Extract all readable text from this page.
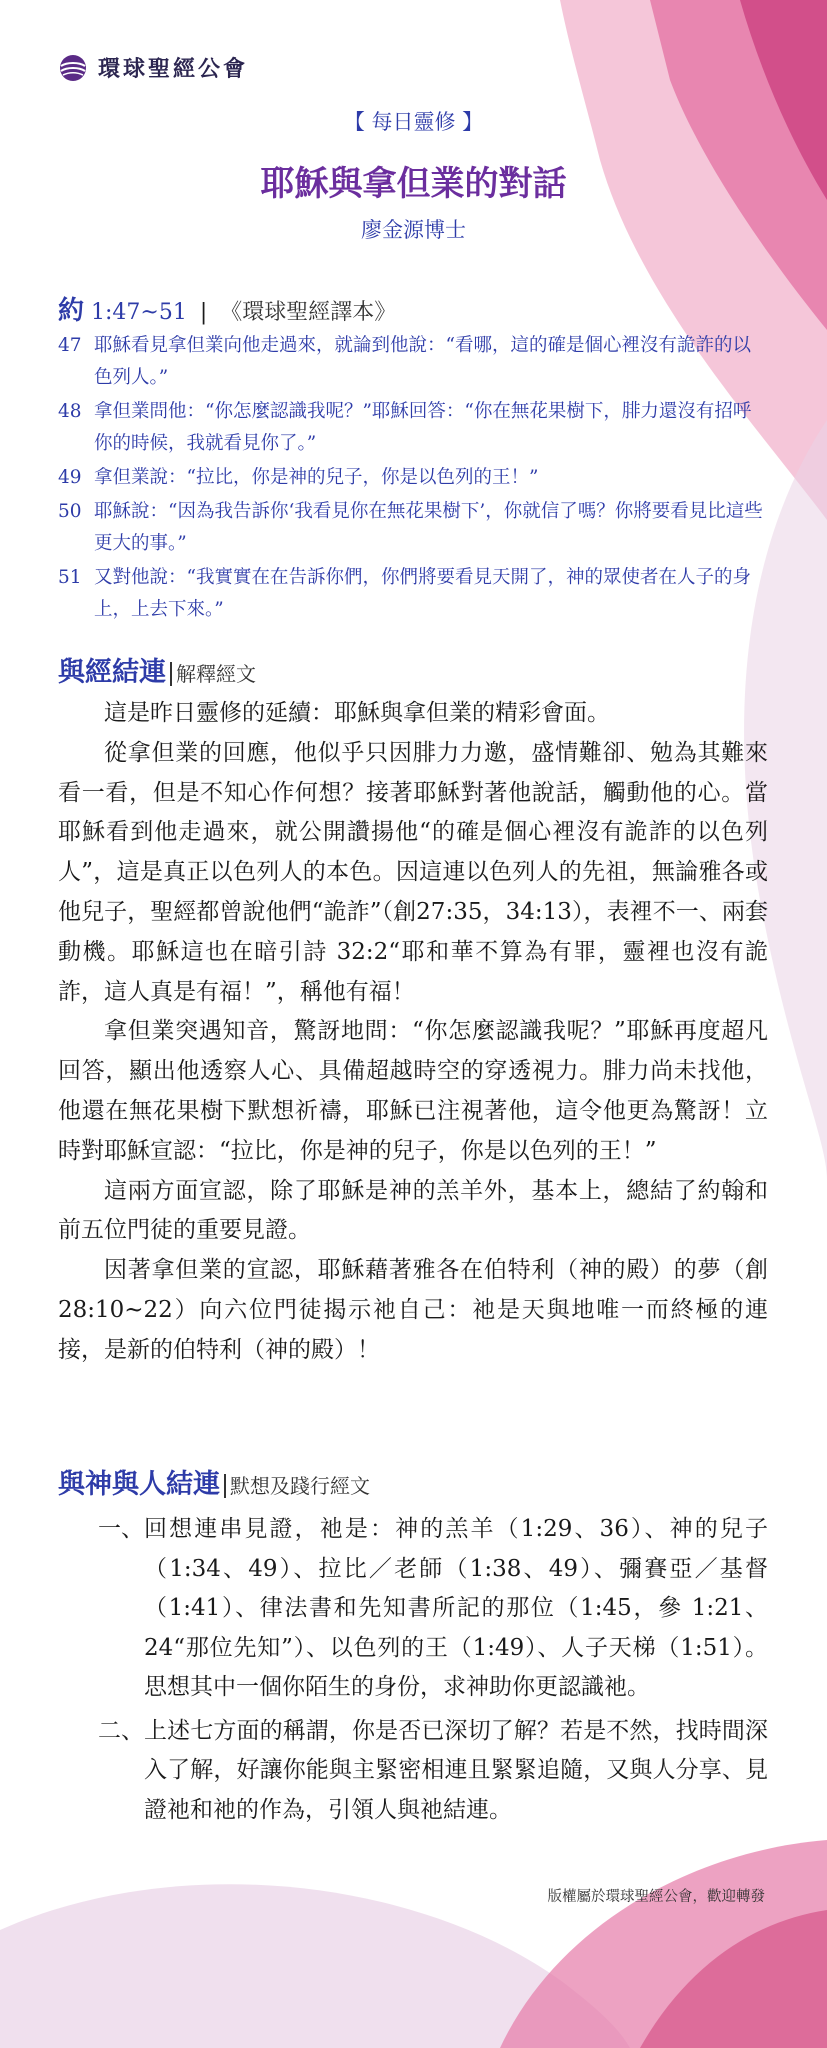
環球聖經公會
【 每日靈修 】
耶穌與拿但業的對話
廖金源博士
約 1:47~51 | 《環球聖經譯本》
47 耶穌看見拿但業向他走過來，就論到他說：“看哪，這的確是個心裡沒有詭詐的以色列人。”
48 拿但業問他：“你怎麼認識我呢？”耶穌回答：“你在無花果樹下，腓力還沒有招呼你的時候，我就看見你了。”
49 拿但業說：“拉比，你是神的兒子，你是以色列的王！”
50 耶穌說：“因為我告訴你‘我看見你在無花果樹下’，你就信了嗎？你將要看見比這些更大的事。”
51 又對他說：“我實實在在告訴你們，你們將要看見天開了，神的眾使者在人子的身上，上去下來。”
與經結連 解釋經文

這是昨日靈修的延續：耶穌與拿但業的精彩會面。

從拿但業的回應，他似乎只因腓力力邀，盛情難卻、勉為其難來看一看，但是不知心作何想？接著耶穌對著他說話，觸動他的心。當耶穌看到他走過來，就公開讚揚他“的確是個心裡沒有詭詐的以色列人”，這是真正以色列人的本色。因這連以色列人的先祖，無論雅各或他兒子，聖經都曾說他們“詭詐”（創27:35，34:13），表裡不一、兩套動機。耶穌這也在暗引詩 32:2“耶和華不算為有罪，靈裡也沒有詭詐，這人真是有福！”，稱他有福！

拿但業突遇知音，驚訝地問：“你怎麼認識我呢？”耶穌再度超凡回答，顯出他透察人心、具備超越時空的穿透視力。腓力尚未找他，他還在無花果樹下默想祈禱，耶穌已注視著他，這令他更為驚訝！立時對耶穌宣認：“拉比，你是神的兒子，你是以色列的王！”

這兩方面宣認，除了耶穌是神的羔羊外，基本上，總結了約翰和前五位門徒的重要見證。

因著拿但業的宣認，耶穌藉著雅各在伯特利（神的殿）的夢（創 28:10~22）向六位門徒揭示祂自己：祂是天與地唯一而終極的連接，是新的伯特利（神的殿）！

與神與人結連 默想及踐行經文
一、 回想連串見證，祂是：神的羔羊（1:29、36）、神的兒子（1:34、49）、拉比／老師（1:38、49）、彌賽亞／基督（1:41）、律法書和先知書所記的那位（1:45，參 1:21、24“那位先知”）、以色列的王（1:49）、人子天梯（1:51）。思想其中一個你陌生的身份，求神助你更認識祂。
二、 上述七方面的稱謂，你是否已深切了解？若是不然，找時間深入了解，好讓你能與主緊密相連且緊緊追隨，又與人分享、見證祂和祂的作為，引領人與祂結連。
版權屬於環球聖經公會，歡迎轉發
